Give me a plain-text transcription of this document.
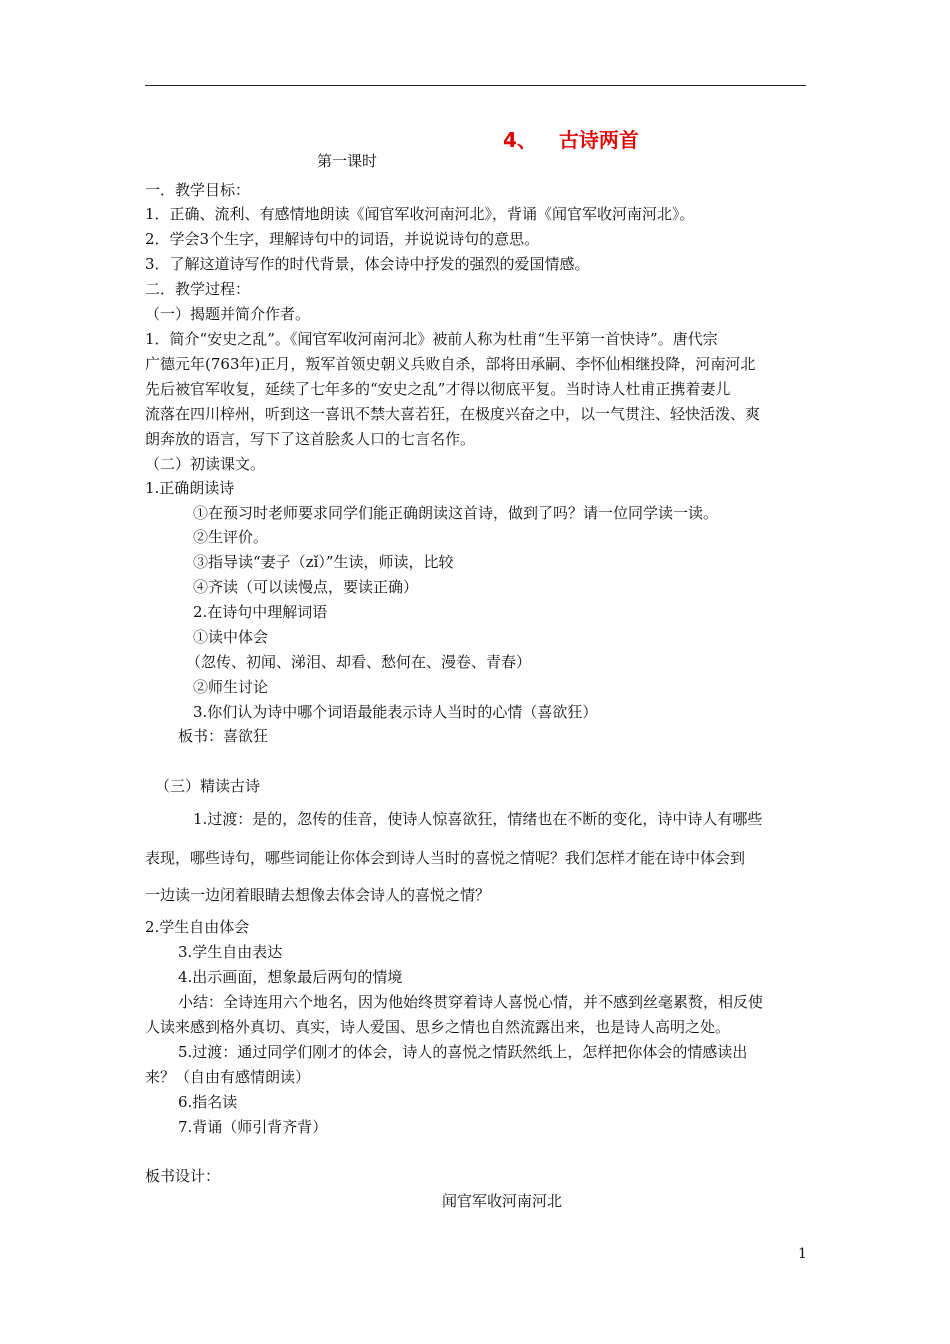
4、 古诗两首
第一课时
一．教学目标：
1．正确、流利、有感情地朗读《闻官军收河南河北》，背诵《闻官军收河南河北》。
2．学会3个生字，理解诗句中的词语，并说说诗句的意思。
3．了解这道诗写作的时代背景，体会诗中抒发的强烈的爱国情感。
二．教学过程：
（一）揭题并简介作者。
1．简介“安史之乱”。《闻官军收河南河北》被前人称为杜甫“生平第一首快诗”。唐代宗
广德元年(763年)正月，叛军首领史朝义兵败自杀，部将田承嗣、李怀仙相继投降，河南河北
先后被官军收复，延续了七年多的“安史之乱”才得以彻底平复。当时诗人杜甫正携着妻儿
流落在四川梓州，听到这一喜讯不禁大喜若狂，在极度兴奋之中，以一气贯注、轻快活泼、爽
朗奔放的语言，写下了这首脍炙人口的七言名作。
（二）初读课文。
1.正确朗读诗
①在预习时老师要求同学们能正确朗读这首诗，做到了吗？请一位同学读一读。
②生评价。
③指导读“妻子（zǐ）”生读，师读，比较
④齐读（可以读慢点，要读正确）
2.在诗句中理解词语
①读中体会
（忽传、初闻、涕泪、却看、愁何在、漫卷、青春）
②师生讨论
3.你们认为诗中哪个词语最能表示诗人当时的心情（喜欲狂）
板书：喜欲狂
（三）精读古诗
1.过渡：是的，忽传的佳音，使诗人惊喜欲狂，情绪也在不断的变化，诗中诗人有哪些
表现，哪些诗句，哪些词能让你体会到诗人当时的喜悦之情呢？我们怎样才能在诗中体会到
一边读一边闭着眼睛去想像去体会诗人的喜悦之情？
2.学生自由体会
3.学生自由表达
4.出示画面，想象最后两句的情境
小结：全诗连用六个地名，因为他始终贯穿着诗人喜悦心情，并不感到丝毫累赘，相反使
人读来感到格外真切、真实，诗人爱国、思乡之情也自然流露出来，也是诗人高明之处。
5.过渡：通过同学们刚才的体会，诗人的喜悦之情跃然纸上，怎样把你体会的情感读出
来？（自由有感情朗读）
6.指名读
7.背诵（师引背齐背）
板书设计：
闻官军收河南河北
1
